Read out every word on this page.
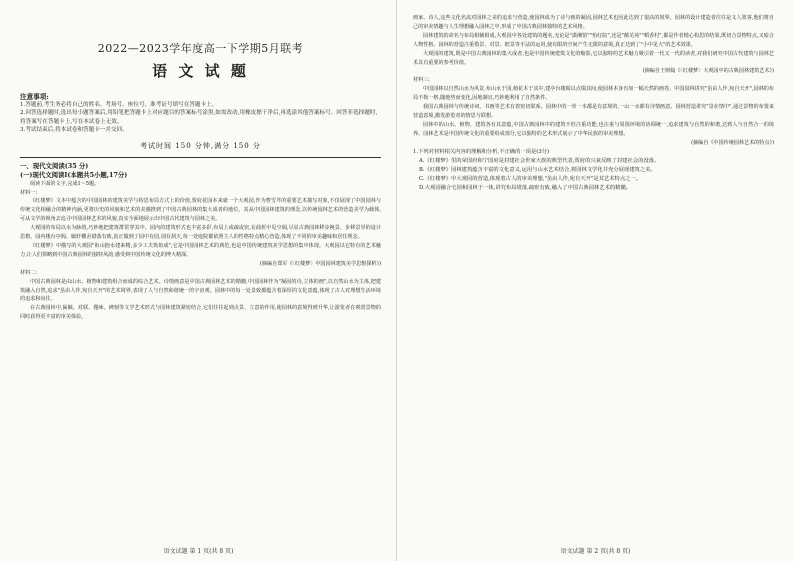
2022—2023学年度高一下学期5月联考
语 文 试 题
注意事项:
1.答题前,考生务必将自己的姓名、考场号、座位号、准考证号填写在答题卡上。
2.回答选择题时,选出每小题答案后,用铅笔把答题卡上对应题目的答案标号涂黑,如需改动,用橡皮擦干净后,再选涂其他答案标号。回答非选择题时,将答案写在答题卡上,写在本试卷上无效。
3.考试结束后,将本试卷和答题卡一并交回。
考试时间 150 分钟,满分 150 分
一、现代文阅读(35 分)
(一)现代文阅读Ⅰ(本题共5小题,17分)
阅读下面的文字,完成1～5题。
材料一:
《红楼梦》文本中蕴含的中国园林的建筑美学与构思布局方式上的价值,贾府花园本来就一个大观园,作为曹雪芹的重要艺术描写对象,不仅展现了中国园林与传统文化相融合的精神内涵,更将历史的风貌和艺术的美感推到了中国古典园林的集大成者的地位。其从中国园林建筑的理念,以传统园林艺术的营造美学为载体,可从文学的视角去追寻中国园林艺术的风貌,真实全面地展示出中国古代建筑与园林之美。
大观园的布局以水为脉络,巧妙地把建筑群贯穿其中。园内的建筑形式也丰富多彩,布局上或疏或密,在曲折中见空阔,尽显古典园林移步换景、步移景异的设计思想。园内楼台亭阁、廊轩榭舍错落有致,真正做到了园中有园,别有洞天,每一处庭院都依照主人的性格特点精心营造,体现了不同的审美趣味和居住理念。
《红楼梦》中描写的大观园"衔山抱水建来精,多少工夫筑始成",它是中国园林艺术的典范,也是中国传统建筑美学思想的集中体现。大观园以它特有的艺术魅力,让人们领略到中国古典园林的独特风韵,感受到中国传统文化的博大精深。
(摘编自郑军《〈红楼梦〉中国园林建筑美学思想探析》)
材料二:
中国古典园林是由山水、植物和建筑组合而成的综合艺术。诗情画意是中国古典园林艺术的精髓,中国园林作为"凝固的诗,立体的画",以自然山水为主体,把建筑融入自然,追求"虽由人作,宛自天开"的艺术境界,表现了人与自然和谐统一的宇宙观。园林中的每一处景致都蕴含着深厚的文化意蕴,体现了古人对理想生活环境的追求和向往。
在古典园林中,匾额、对联、题咏、碑刻等文学艺术形式与园林建筑紧密结合,它们往往起到点景、立意的作用,使园林的意境得到升华,让游览者在观赏景物的同时获得更丰富的审美体验。
语文试题 第 1 页(共 8 页)
画家、诗人,这些文化名流对园林之美的追求与营造,使园林成为了诗与画的凝固,园林艺术也因此达到了很高的境界。园林的设计建造者往往是文人墨客,他们将自己的审美情趣与人生理想融入园林之中,形成了中国古典园林独特的艺术风格。
园林建筑的命名与布局相辅相成,大观园中各处建筑的题名,无论是"潇湘馆""怡红院",还是"蘅芜苑""稻香村",都是作者精心构思的结果,既切合景物特点,又暗合人物性格。园林的营造注重借景、对景、框景等手法的运用,使有限的空间产生无限的意境,真正达到了"小中见大"的艺术效果。
大观园的建筑,既是中国古典园林的集大成者,也是中国传统建筑文化的缩影,它以独特的艺术魅力吸引着一代又一代的读者,对我们研究中国古代建筑与园林艺术具有重要的参考价值。
(摘编自王则翰《〈红楼梦〉大观园中的古典园林建筑艺术》)
材料三:
中国园林以自然山水为风景,布山水于园,植花木于其中,建亭台楼阁以点缀其间,使园林本身有如一幅天然的画卷。中国园林讲究"虽由人作,宛自天开",园林的布局不拘一格,随地势而变化,因地制宜,巧妙地利用了自然条件。
我国古典园林与传统诗词、书画等艺术有着密切联系。园林中的一草一木都是有意境的,一山一水都有诗情画意。园林营造讲究"景在情中",通过景物的布置来营造意境,激发游览者的情思与联想。
园林中的山水、植物、建筑各有其意蕴,中国古典园林中的建筑不但注重功能,也注重与周围环境的协调统一,追求建筑与自然的和谐,达到人与自然合一的境界。园林艺术是中国传统文化的重要组成部分,它以独特的艺术形式展示了中华民族的审美理想。
(摘编自《中国传统园林艺术的特点》)
1.下列对材料相关内容的理解和分析,不正确的一项是(3分)
A.《红楼梦》里的荣国府和宁国府是封建社会世家大族的典型代表,贾府的兴衰反映了封建社会的没落。
B.《红楼梦》园林建筑蕴含丰富的文化意义,运用与山水艺术结合,将园林文学化并充分展现建筑之美。
C.《红楼梦》中大观园的营造,体现着古人的审美理想,"虽由人作,宛自天开"是其艺术特点之一。
D.大观园融合宅园和园林于一体,讲究布局错落,疏密有致,融入了中国古典园林艺术的精髓。
语文试题 第 2 页(共 8 页)
